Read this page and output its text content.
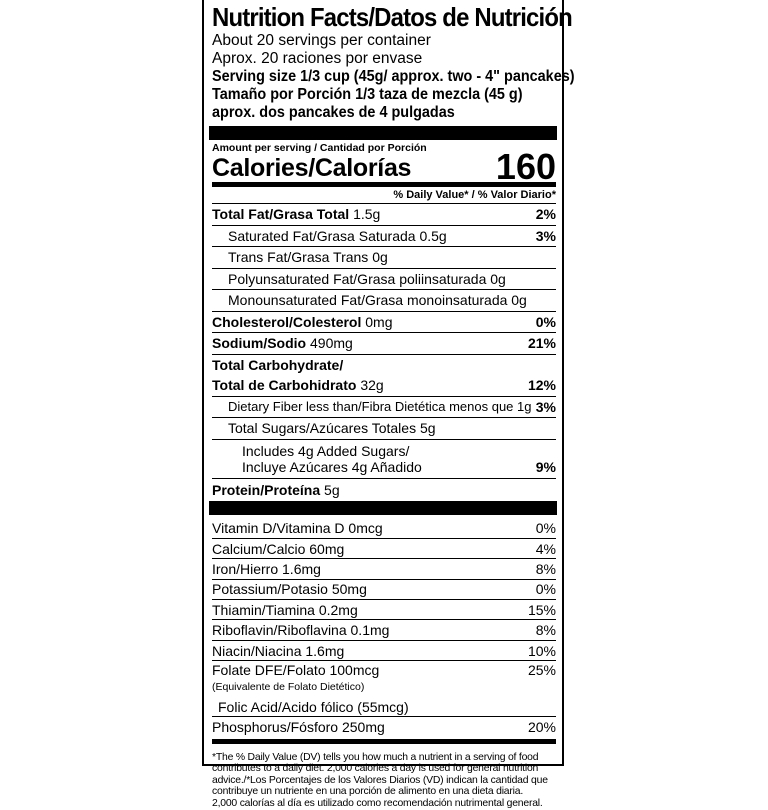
Nutrition Facts/Datos de Nutrición
About 20 servings per container
Aprox. 20 raciones por envase
Serving size 1/3 cup (45g/ approx. two - 4" pancakes)
Tamaño por Porción 1/3 taza de mezcla (45 g)
aprox. dos pancakes de 4 pulgadas
Amount per serving / Cantidad por Porción
Calories/Calorías 160
% Daily Value* / % Valor Diario*
Total Fat/Grasa Total 1.5g	2%
Saturated Fat/Grasa Saturada 0.5g	3%
Trans Fat/Grasa Trans 0g
Polyunsaturated Fat/Grasa poliinsaturada 0g
Monounsaturated Fat/Grasa monoinsaturada 0g
Cholesterol/Colesterol 0mg	0%
Sodium/Sodio 490mg	21%
Total Carbohydrate/
Total de Carbohidrato 32g	12%
Dietary Fiber less than/Fibra Dietética menos que 1g 3%
Total Sugars/Azúcares Totales 5g
Includes 4g Added Sugars/
Incluye Azúcares 4g Añadido	9%
Protein/Proteína 5g
Vitamin D/Vitamina D 0mcg	0%
Calcium/Calcio 60mg	4%
Iron/Hierro 1.6mg	8%
Potassium/Potasio 50mg	0%
Thiamin/Tiamina 0.2mg	15%
Riboflavin/Riboflavina 0.1mg	8%
Niacin/Niacina 1.6mg	10%
Folate DFE/Folato 100mcg	25%
(Equivalente de Folato Dietético)
Folic Acid/Acido fólico (55mcg)
Phosphorus/Fósforo 250mg	20%
*The % Daily Value (DV) tells you how much a nutrient in a serving of food
contributes to a daily diet. 2,000 calories a day is used for general nutrition
advice./*Los Porcentajes de los Valores Diarios (VD) indican la cantidad que
contribuye un nutriente en una porción de alimento en una dieta diaria.
2,000 calorías al día es utilizado como recomendación nutrimental general.
